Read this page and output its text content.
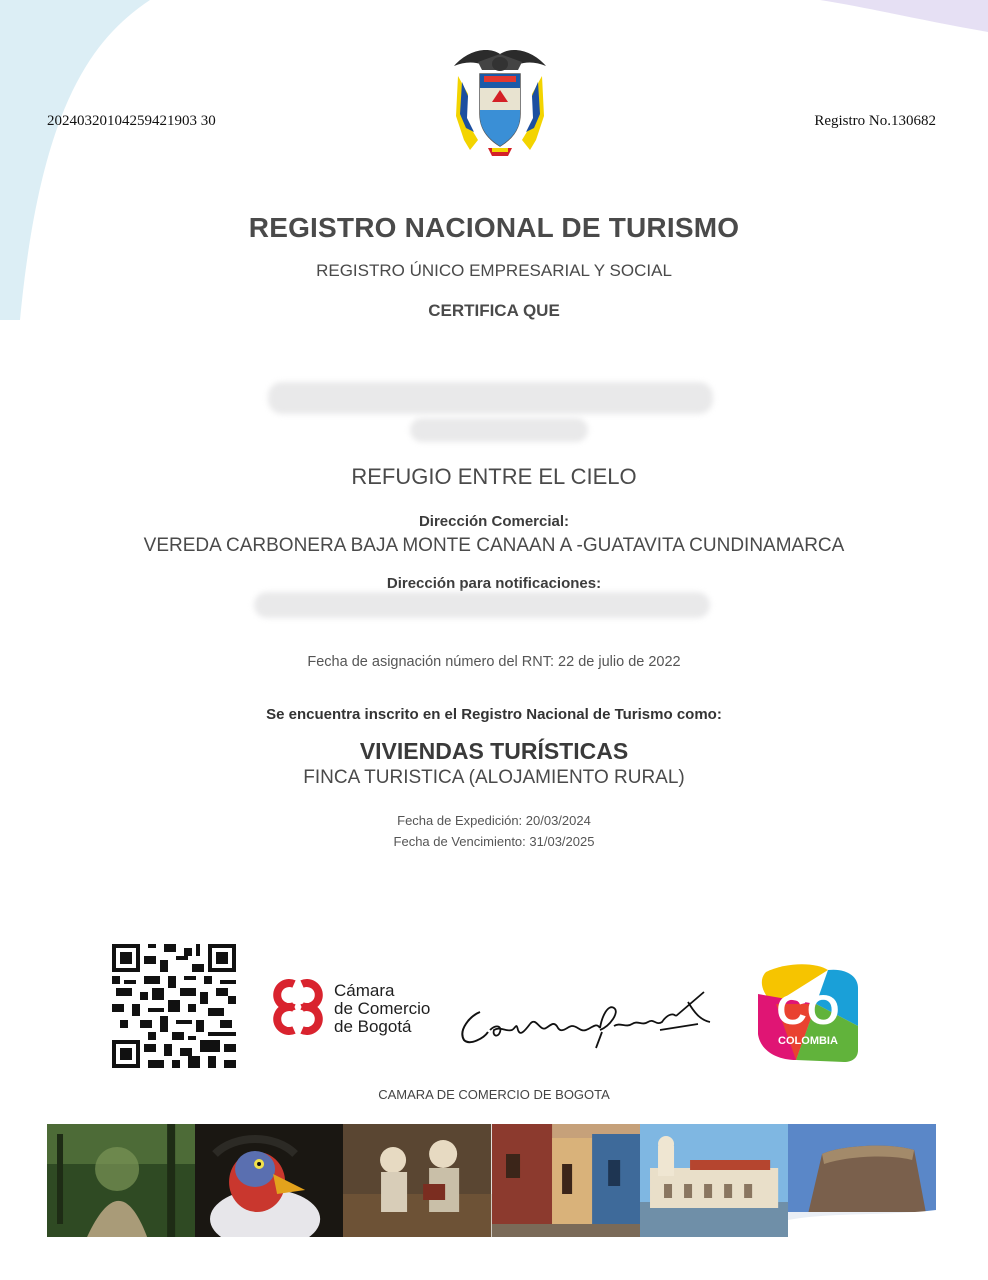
20240320104259421903 30	Registro No.130682
REGISTRO NACIONAL DE TURISMO
REGISTRO ÚNICO EMPRESARIAL Y SOCIAL
CERTIFICA QUE
REFUGIO ENTRE EL CIELO
Dirección Comercial:
VEREDA CARBONERA BAJA MONTE CANAAN A -GUATAVITA CUNDINAMARCA
Dirección para notificaciones:
Fecha de asignación número del RNT: 22 de julio de 2022
Se encuentra inscrito en el Registro Nacional de Turismo como:
VIVIENDAS TURÍSTICAS
FINCA TURISTICA (ALOJAMIENTO RURAL)
Fecha de Expedición: 20/03/2024
Fecha de Vencimiento: 31/03/2025
Cámara
de Comercio
de Bogotá	CO
COLOMBIA
CAMARA DE COMERCIO DE BOGOTA
